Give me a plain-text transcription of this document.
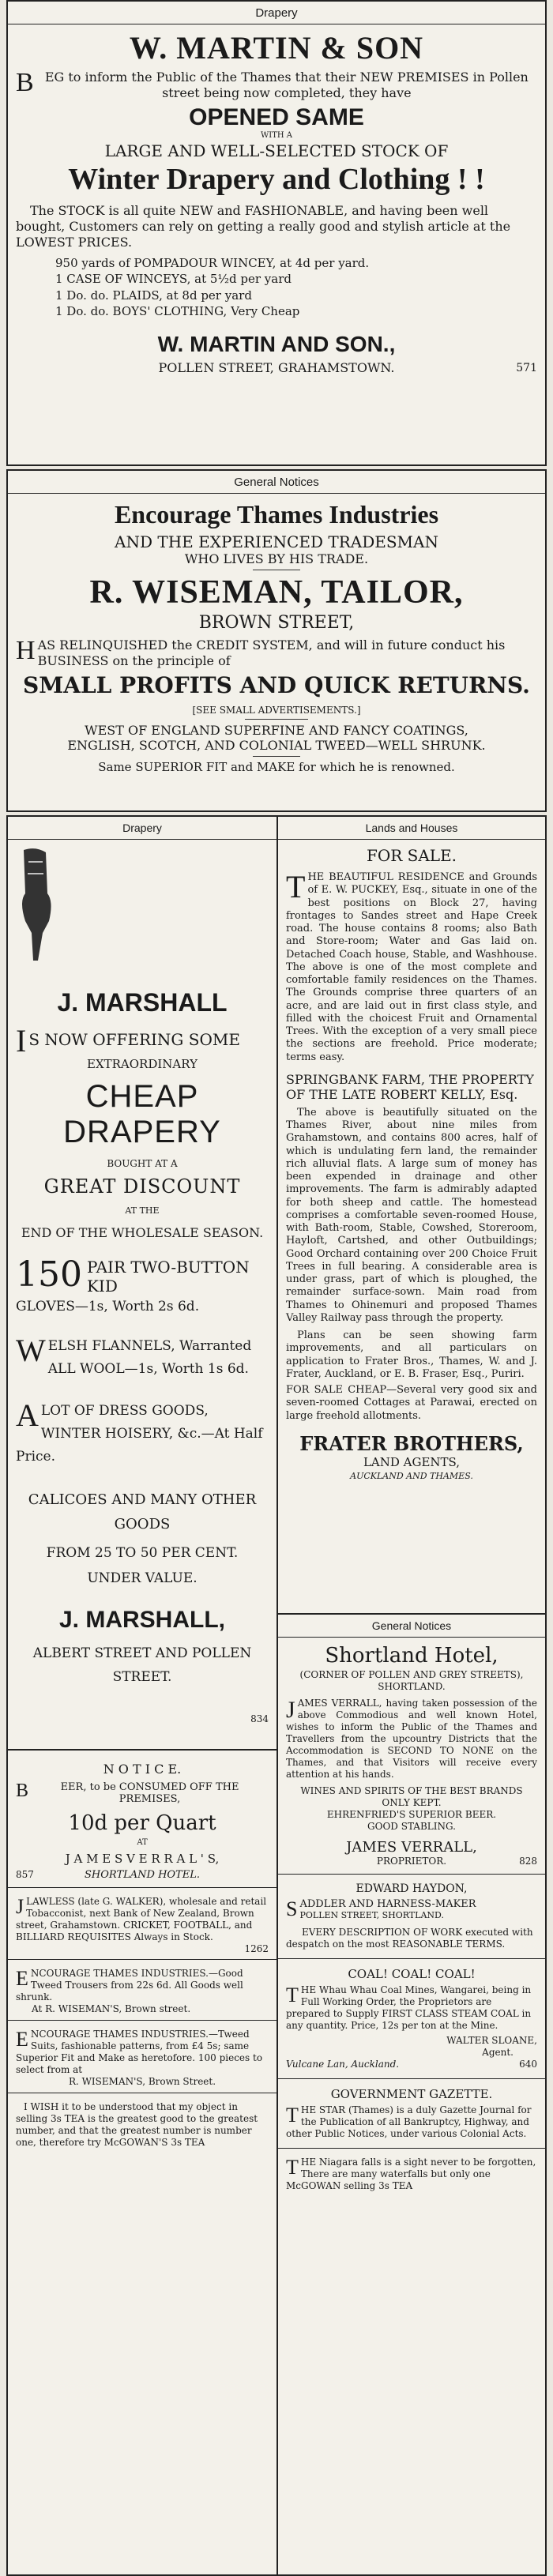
Drapery
W. MARTIN & SON
B EG to inform the Public of the Thames that their NEW PREMISES in Pollen street being now completed, they have

OPENED SAME
WITH A
LARGE AND WELL-SELECTED STOCK OF
Winter Drapery and Clothing ! !

The STOCK is all quite NEW and FASHIONABLE, and having been well bought, Customers can rely on getting a really good and stylish article at the LOWEST PRICES.

950 yards of POMPADOUR WINCEY, at 4d per yard.
1 CASE OF WINCEYS, at 5½d per yard
1 Do. do. PLAIDS, at 8d per yard
1 Do. do. BOYS' CLOTHING, Very Cheap
W. MARTIN AND SON.,
POLLEN STREET, GRAHAMSTOWN.	571
General Notices
Encourage Thames Industries
AND THE EXPERIENCED TRADESMAN
WHO LIVES BY HIS TRADE.
R. WISEMAN, TAILOR,
BROWN STREET,
H AS RELINQUISHED the CREDIT SYSTEM, and will in future conduct his BUSINESS on the principle of

SMALL PROFITS AND QUICK RETURNS.
[SEE SMALL ADVERTISEMENTS.]
WEST OF ENGLAND SUPERFINE AND FANCY COATINGS,
ENGLISH, SCOTCH, AND COLONIAL TWEED—WELL SHRUNK.
Same SUPERIOR FIT and MAKE for which he is renowned.
Drapery
J. MARSHALL
I S NOW OFFERING SOME
EXTRAORDINARY
CHEAP DRAPERY
BOUGHT AT A
GREAT DISCOUNT
AT THE
END OF THE WHOLESALE SEASON.
150 PAIR TWO-BUTTON KID
GLOVES—1s, Worth 2s 6d.
W ELSH FLANNELS, Warranted ALL WOOL—1s, Worth 1s 6d.

A LOT OF DRESS GOODS, WINTER HOISERY, &c.—At Half Price.

CALICOES AND MANY OTHER GOODS
FROM 25 TO 50 PER CENT.
UNDER VALUE.
J. MARSHALL,
ALBERT STREET AND POLLEN STREET.
834
N O T I C E.
B	EER, to be CONSUMED OFF THE PREMISES,
10d per Quart
AT
J A M E S V E R R A L ' S,
857	SHORTLAND HOTEL.
J LAWLESS (late G. WALKER), wholesale and retail Tobacconist, next Bank of New Zealand, Brown street, Grahamstown. CRICKET, FOOTBALL, and BILLIARD REQUISITES Always in Stock.

1262
E NCOURAGE THAMES INDUSTRIES.—Good Tweed Trousers from 22s 6d. All Goods well shrunk.

At R. WISEMAN'S, Brown street.
E NCOURAGE THAMES INDUSTRIES.—Tweed Suits, fashionable patterns, from £4 5s; same Superior Fit and Make as heretofore. 100 pieces to select from at

R. WISEMAN'S, Brown Street.

I WISH it to be understood that my object in selling 3s TEA is the greatest good to the greatest number, and that the greatest number is number one, therefore try McGOWAN'S 3s TEA

Lands and Houses
FOR SALE.
T HE BEAUTIFUL RESIDENCE and Grounds of E. W. PUCKEY, Esq., situate in one of the best positions on Block 27, having frontages to Sandes street and Hape Creek road. The house contains 8 rooms; also Bath and Store-room; Water and Gas laid on. Detached Coach house, Stable, and Washhouse. The above is one of the most complete and comfortable family residences on the Thames. The Grounds comprise three quarters of an acre, and are laid out in first class style, and filled with the choicest Fruit and Ornamental Trees. With the exception of a very small piece the sections are freehold. Price moderate; terms easy.

SPRINGBANK FARM, THE PROPERTY OF THE LATE ROBERT KELLY, Esq.

The above is beautifully situated on the Thames River, about nine miles from Grahamstown, and contains 800 acres, half of which is undulating fern land, the remainder rich alluvial flats. A large sum of money has been expended in drainage and other improvements. The farm is admirably adapted for both sheep and cattle. The homestead comprises a comfortable seven-roomed House, with Bath-room, Stable, Cowshed, Storeroom, Hayloft, Cartshed, and other Outbuildings; Good Orchard containing over 200 Choice Fruit Trees in full bearing. A considerable area is under grass, part of which is ploughed, the remainder surface-sown. Main road from Thames to Ohinemuri and proposed Thames Valley Railway pass through the property.

Plans can be seen showing farm improvements, and all particulars on application to Frater Bros., Thames, W. and J. Frater, Auckland, or E. B. Fraser, Esq., Puriri.

FOR SALE CHEAP—Several very good six and seven-roomed Cottages at Parawai, erected on large freehold allotments.

FRATER BROTHERS,
LAND AGENTS,
AUCKLAND AND THAMES.
General Notices
Shortland Hotel,
(CORNER OF POLLEN AND GREY STREETS), SHORTLAND.
J AMES VERRALL, having taken possession of the above Commodious and well known Hotel, wishes to inform the Public of the Thames and Travellers from the upcountry Districts that the Accommodation is SECOND TO NONE on the Thames, and that Visitors will receive every attention at his hands.

WINES AND SPIRITS OF THE BEST BRANDS ONLY KEPT.
EHRENFRIED'S SUPERIOR BEER.
GOOD STABLING.
JAMES VERRALL,
PROPRIETOR.	828
EDWARD HAYDON,
S ADDLER AND HARNESS-MAKER
POLLEN STREET, SHORTLAND.

EVERY DESCRIPTION OF WORK executed with despatch on the most REASONABLE TERMS.

COAL! COAL! COAL!
T HE Whau Whau Coal Mines, Wangarei, being in Full Working Order, the Proprietors are prepared to Supply FIRST CLASS STEAM COAL in any quantity. Price, 12s per ton at the Mine.

WALTER SLOANE,
Agent.
Vulcane Lan, Auckland.	640
GOVERNMENT GAZETTE.
T HE STAR (Thames) is a duly Gazette Journal for the Publication of all Bankruptcy, Highway, and other Public Notices, under various Colonial Acts.

T HE Niagara falls is a sight never to be forgotten, There are many waterfalls but only one McGOWAN selling 3s TEA
